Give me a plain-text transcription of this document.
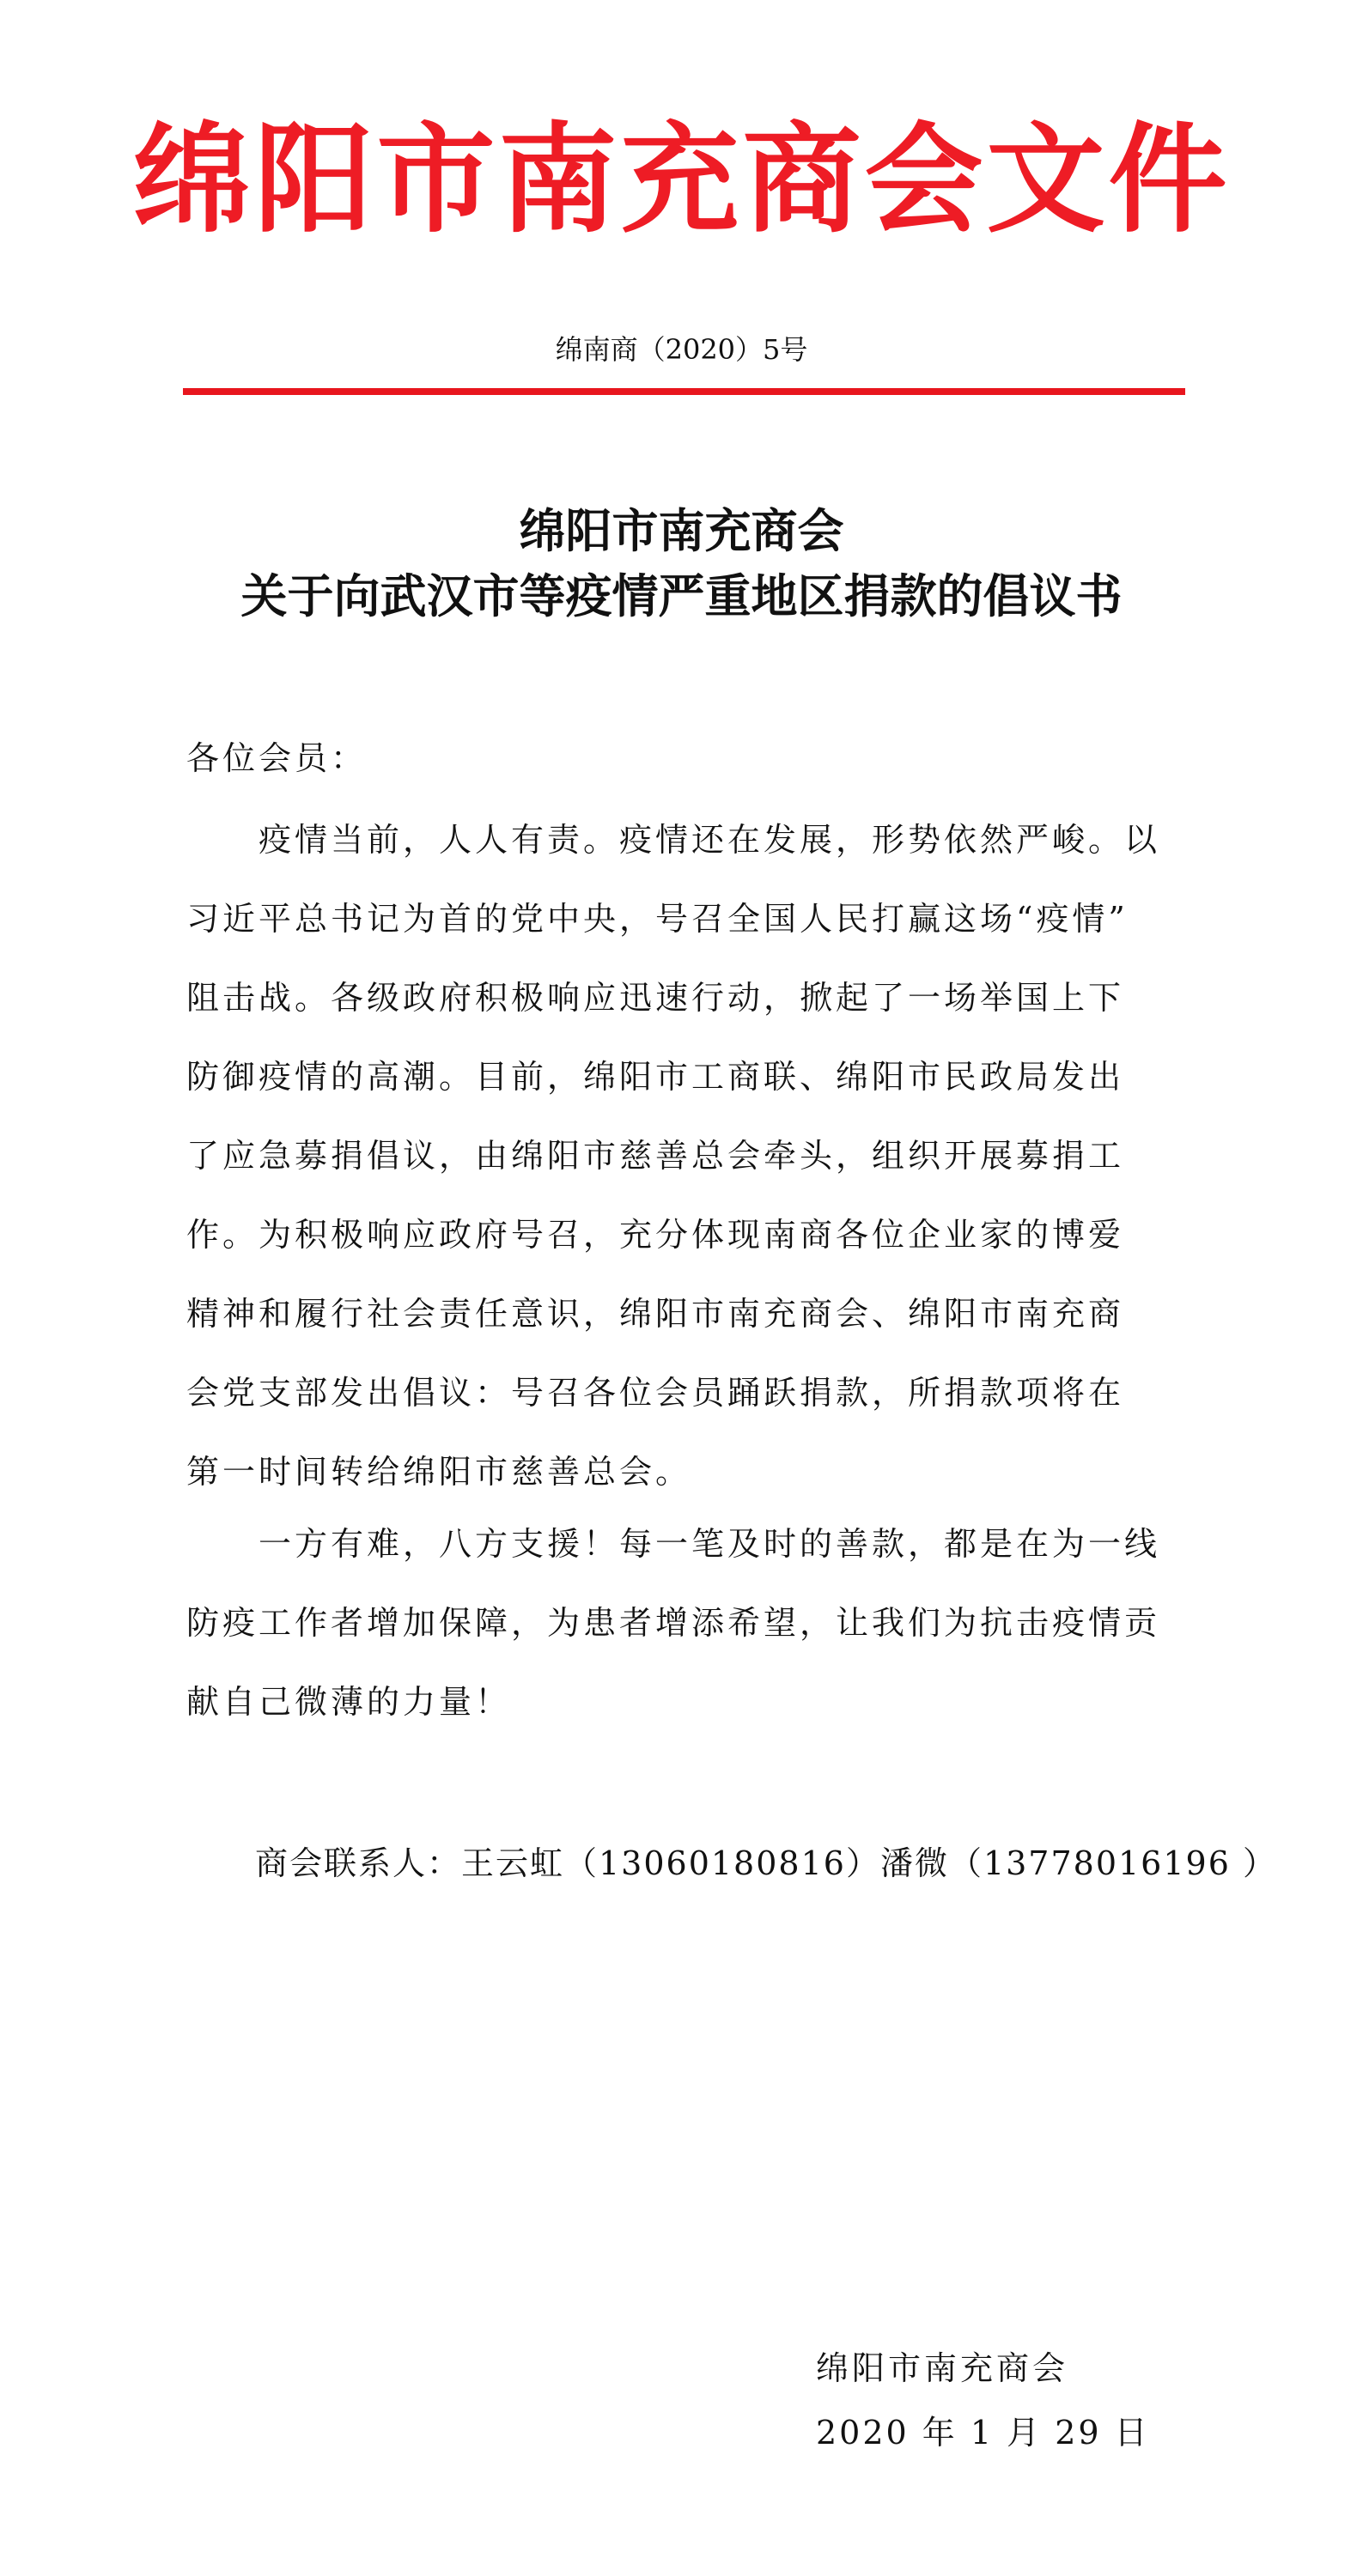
绵阳市南充商会文件
绵南商（2020）5号
绵阳市南充商会
关于向武汉市等疫情严重地区捐款的倡议书
各位会员：
　　疫情当前，人人有责。疫情还在发展，形势依然严峻。以
习近平总书记为首的党中央，号召全国人民打赢这场“疫情”
阻击战。各级政府积极响应迅速行动，掀起了一场举国上下
防御疫情的高潮。目前，绵阳市工商联、绵阳市民政局发出
了应急募捐倡议，由绵阳市慈善总会牵头，组织开展募捐工
作。为积极响应政府号召，充分体现南商各位企业家的博爱
精神和履行社会责任意识，绵阳市南充商会、绵阳市南充商
会党支部发出倡议：号召各位会员踊跃捐款，所捐款项将在
第一时间转给绵阳市慈善总会。
　　一方有难，八方支援！每一笔及时的善款，都是在为一线
防疫工作者增加保障，为患者增添希望，让我们为抗击疫情贡
献自己微薄的力量！
商会联系人：王云虹（13060180816）潘微（13778016196 ）
绵阳市南充商会
2020 年 1 月 29 日
